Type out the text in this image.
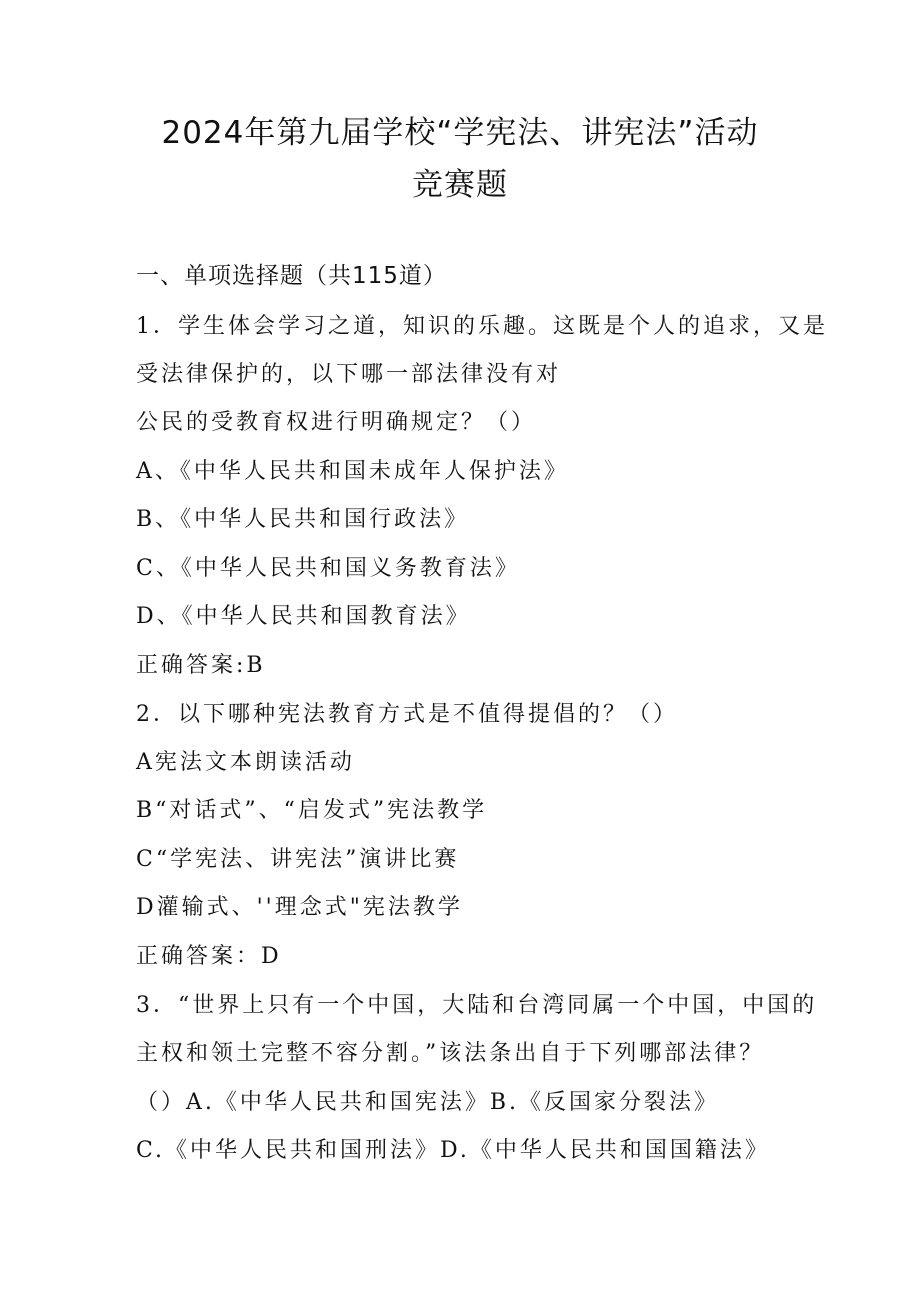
2024年第九届学校“学宪法、讲宪法”活动
竞赛题
一、单项选择题（共115道）
1．学生体会学习之道，知识的乐趣。这既是个人的追求，又是
受法律保护的，以下哪一部法律没有对
公民的受教育权进行明确规定？（）
A、《中华人民共和国未成年人保护法》
B、《中华人民共和国行政法》
C、《中华人民共和国义务教育法》
D、《中华人民共和国教育法》
正确答案:B
2．以下哪种宪法教育方式是不值得提倡的？（）
A宪法文本朗读活动
B“对话式”、“启发式”宪法教学
C“学宪法、讲宪法”演讲比赛
D灌输式、''理念式"宪法教学
正确答案：D
3．“世界上只有一个中国，大陆和台湾同属一个中国，中国的
主权和领土完整不容分割。”该法条出自于下列哪部法律？
（）A.《中华人民共和国宪法》B.《反国家分裂法》
C.《中华人民共和国刑法》D.《中华人民共和国国籍法》
